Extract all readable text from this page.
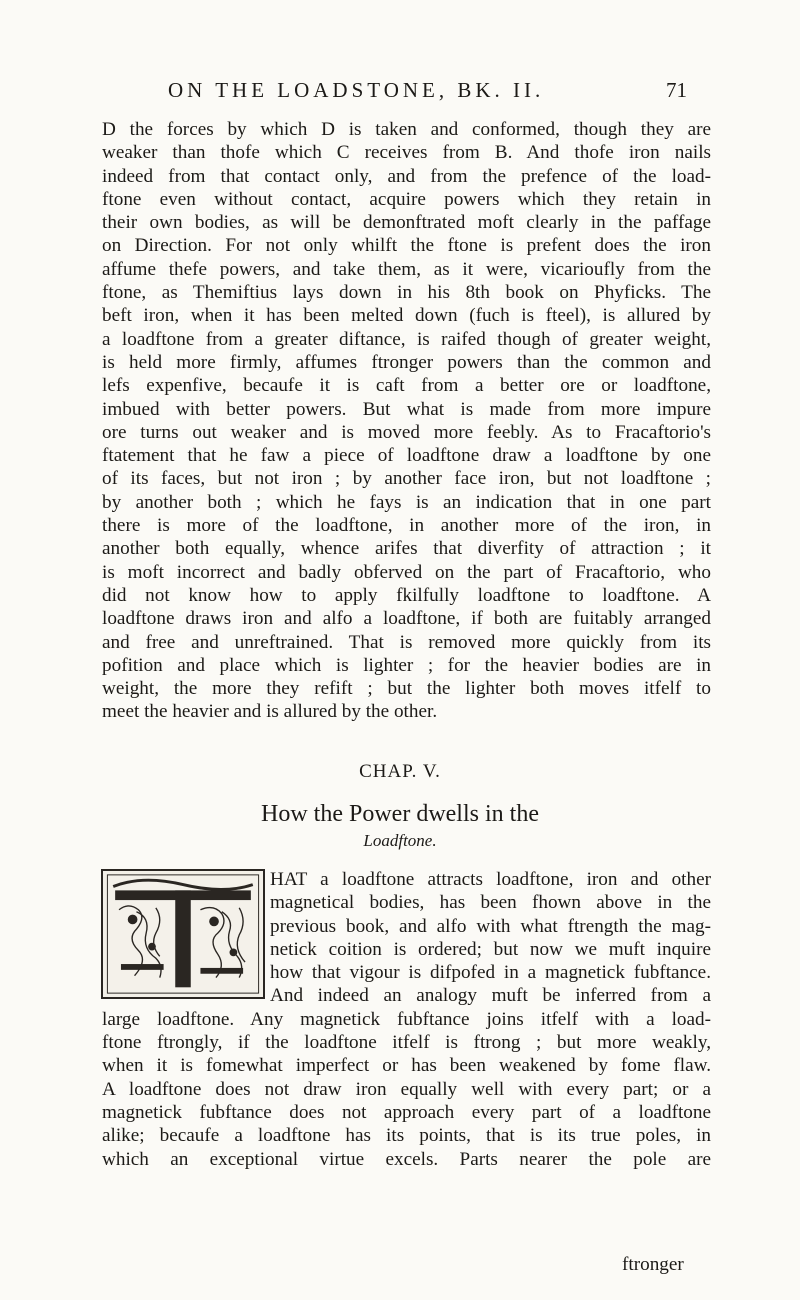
ON THE LOADSTONE, BK. II.	71
D the forces by which D is taken and conformed, though they are
weaker than thofe which C receives from B. And thofe iron nails
indeed from that contact only, and from the prefence of the load-
ftone even without contact, acquire powers which they retain in
their own bodies, as will be demonftrated moft clearly in the paffage
on Direction. For not only whilft the ftone is prefent does the iron
affume thefe powers, and take them, as it were, vicarioufly from the
ftone, as Themiftius lays down in his 8th book on Phyficks. The
beft iron, when it has been melted down (fuch is fteel), is allured by
a loadftone from a greater diftance, is raifed though of greater weight,
is held more firmly, affumes ftronger powers than the common and
lefs expenfive, becaufe it is caft from a better ore or loadftone,
imbued with better powers. But what is made from more impure
ore turns out weaker and is moved more feebly. As to Fracaftorio's
ftatement that he faw a piece of loadftone draw a loadftone by one
of its faces, but not iron ; by another face iron, but not loadftone ;
by another both ; which he fays is an indication that in one part
there is more of the loadftone, in another more of the iron, in
another both equally, whence arifes that diverfity of attraction ; it
is moft incorrect and badly obferved on the part of Fracaftorio, who
did not know how to apply fkilfully loadftone to loadftone. A
loadftone draws iron and alfo a loadftone, if both are fuitably arranged
and free and unreftrained. That is removed more quickly from its
pofition and place which is lighter ; for the heavier bodies are in
weight, the more they refift ; but the lighter both moves itfelf to
meet the heavier and is allured by the other.
CHAP. V.
How the Power dwells in the
Loadftone.
HAT a loadftone attracts loadftone, iron and other
magnetical bodies, has been fhown above in the
previous book, and alfo with what ftrength the mag-
netick coition is ordered; but now we muft inquire
how that vigour is difpofed in a magnetick fubftance.
And indeed an analogy muft be inferred from a
large loadftone. Any magnetick fubftance joins itfelf with a load-
ftone ftrongly, if the loadftone itfelf is ftrong ; but more weakly,
when it is fomewhat imperfect or has been weakened by fome flaw.
A loadftone does not draw iron equally well with every part; or a
magnetick fubftance does not approach every part of a loadftone
alike; becaufe a loadftone has its points, that is its true poles, in
which an exceptional virtue excels. Parts nearer the pole are
ftronger
